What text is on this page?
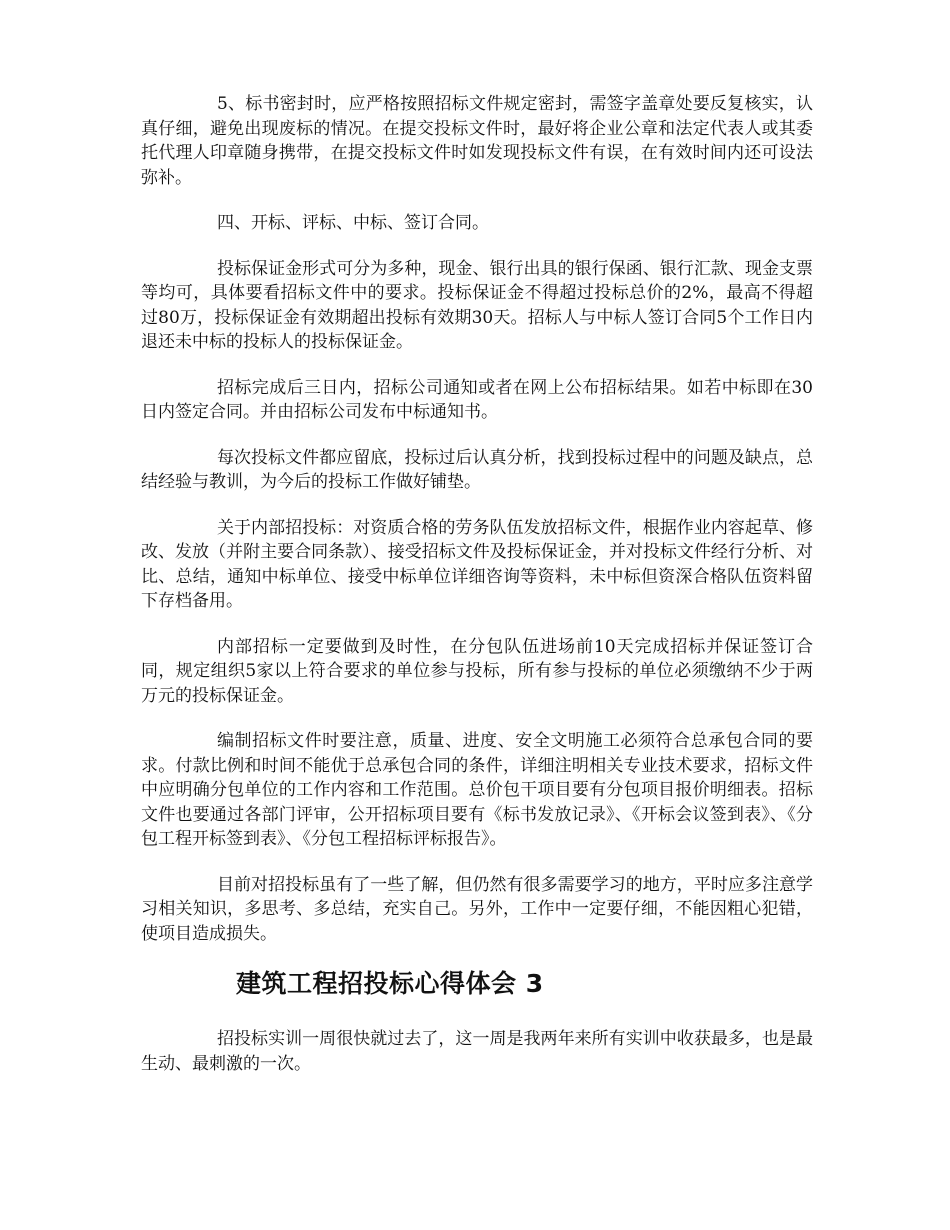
5、标书密封时，应严格按照招标文件规定密封，需签字盖章处要反复核实，认真仔细，避免出现废标的情况。在提交投标文件时，最好将企业公章和法定代表人或其委托代理人印章随身携带，在提交投标文件时如发现投标文件有误，在有效时间内还可设法弥补。

四、开标、评标、中标、签订合同。

投标保证金形式可分为多种，现金、银行出具的银行保函、银行汇款、现金支票等均可，具体要看招标文件中的要求。投标保证金不得超过投标总价的2%，最高不得超过80万，投标保证金有效期超出投标有效期30天。招标人与中标人签订合同5个工作日内退还未中标的投标人的投标保证金。

招标完成后三日内，招标公司通知或者在网上公布招标结果。如若中标即在30日内签定合同。并由招标公司发布中标通知书。

每次投标文件都应留底，投标过后认真分析，找到投标过程中的问题及缺点，总结经验与教训，为今后的投标工作做好铺垫。

关于内部招投标：对资质合格的劳务队伍发放招标文件，根据作业内容起草、修改、发放（并附主要合同条款）、接受招标文件及投标保证金，并对投标文件经行分析、对比、总结，通知中标单位、接受中标单位详细咨询等资料，未中标但资深合格队伍资料留下存档备用。

内部招标一定要做到及时性，在分包队伍进场前10天完成招标并保证签订合同，规定组织5家以上符合要求的单位参与投标，所有参与投标的单位必须缴纳不少于两万元的投标保证金。

编制招标文件时要注意，质量、进度、安全文明施工必须符合总承包合同的要求。付款比例和时间不能优于总承包合同的条件，详细注明相关专业技术要求，招标文件中应明确分包单位的工作内容和工作范围。总价包干项目要有分包项目报价明细表。招标文件也要通过各部门评审，公开招标项目要有《标书发放记录》、《开标会议签到表》、《分包工程开标签到表》、《分包工程招标评标报告》。

目前对招投标虽有了一些了解，但仍然有很多需要学习的地方，平时应多注意学习相关知识，多思考、多总结，充实自己。另外，工作中一定要仔细，不能因粗心犯错，使项目造成损失。

建筑工程招投标心得体会 3

招投标实训一周很快就过去了，这一周是我两年来所有实训中收获最多，也是最生动、最刺激的一次。
